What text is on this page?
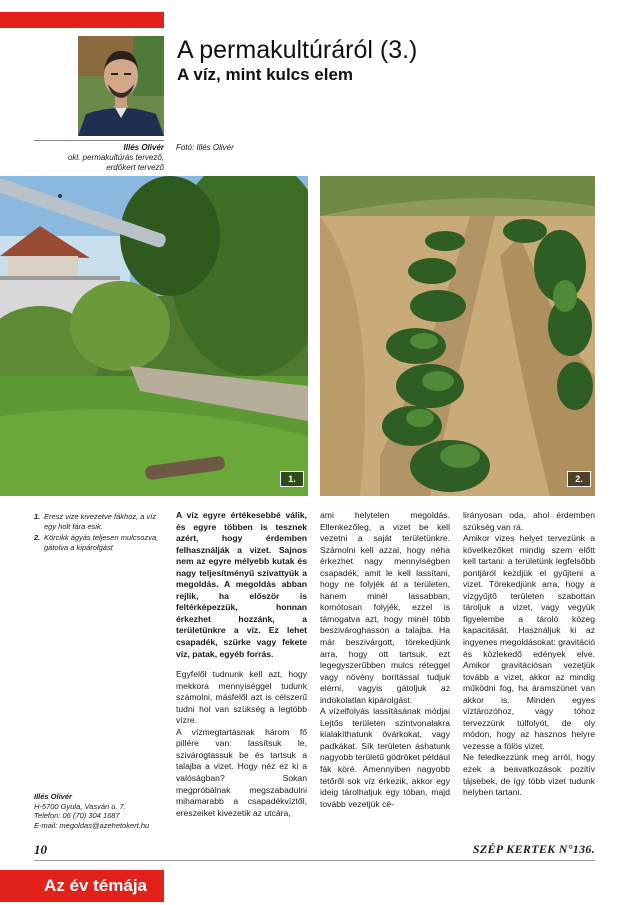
A permakultúráról (3.)
A víz, mint kulcs elem
Illés Olivér
okl. permakultúrás tervező,
erdőkert tervező
Fotó: Illés Olivér
1.	2.
1. Eresz vize kivezetve fákhoz, a víz egy holt fára esik.
2. Körcikk ágyás teljesen mulcsozva, gátolva a kipárolgást
Illés Olivér
H-5700 Gyula, Vasvári u. 7.
Telefon: 06 (70) 304 1687
E-mail: megoldas@azehetokert.hu

A víz egyre értékesebbé válik, és egyre többen is tesznek azért, hogy érdemben felhasználják a vizet. Sajnos nem az egyre mélyebb kutak és nagy teljesítményű szivattyúk a megoldás. A megoldás abban rejlik, ha először is feltérképezzük, honnan érkezhet hozzánk, a területünkre a víz. Ez lehet csapadék, szürke vagy fekete víz, patak, egyéb forrás.

Egyfelől tudnunk kell azt, hogy mekkora mennyiséggel tudunk számolni, másfelől azt is célszerű tudni hol van szükség a legtöbb vízre.

A vízmegtartásnak három fő pillére van: lassítsuk le, szivárogtassuk be és tartsuk a talajba a vizet. Hogy néz ez ki a valóságban? Sokan megpróbálnak megszabadulni mihamarabb a csapadékvíztől, ereszeiket kivezetik az utcára,

ami helytelen megoldás. Ellenkezőleg, a vizet be kell vezetni a saját területünkre. Számolni kell azzal, hogy néha érkezhet nagy mennyiségben csapadék, amit le kell lassítani, hogy ne folyjék át a területen, hanem minél lassabban, komótosan folyjék, ezzel is támogatva azt, hogy minél több beszivároghasson a talajba. Ha már beszivárgott, törekedjünk arra, hogy ott tartsuk, ezt legegyszerűbben mulcs réteggel vagy növény borítással tudjuk elérni, vagyis gátoljuk az indokolatlan kipárolgást.

A vízelfolyás lassításának módjai Lejtős területen szintvonalakra kialakíthatunk övárkokat, vagy padkákat. Sík területen áshatunk nagyobb területű gödröket például fák köré. Amennyiben nagyobb tetőről sok víz érkezik, akkor egy ideig tárolhatjuk egy tóban, majd tovább vezetjük cé-

lirányosan oda, ahol érdemben szükség van rá.

Amikor vizes helyet tervezünk a következőket mindig szem előtt kell tartani: a területünk legfelsőbb pontjáról kezdjük el gyűjteni a vizet. Törekedjünk arra, hogy a vízgyűjtő területen szabottan tároljuk a vizet, vagy vegyük figyelembe a tároló közeg kapacitását. Használjuk ki az ingyenes megoldásokat: gravitáció és közlekedő edények elve. Amikor gravitációsan vezetjük tovább a vizet, akkor az mindig működni fog, ha áramszünet van akkor is. Minden egyes víztározóhoz, vagy tóhoz tervezzünk túlfolyót, de oly módon, hogy az hasznos helyre vezesse a fölös vizet.

Ne feledkezzünk meg arról, hogy ezek a beavatkozások pozitív tájsebek, de így több vizet tudunk helyben tartani.

10	SZÉP KERTEK N°136.
Az év témája
